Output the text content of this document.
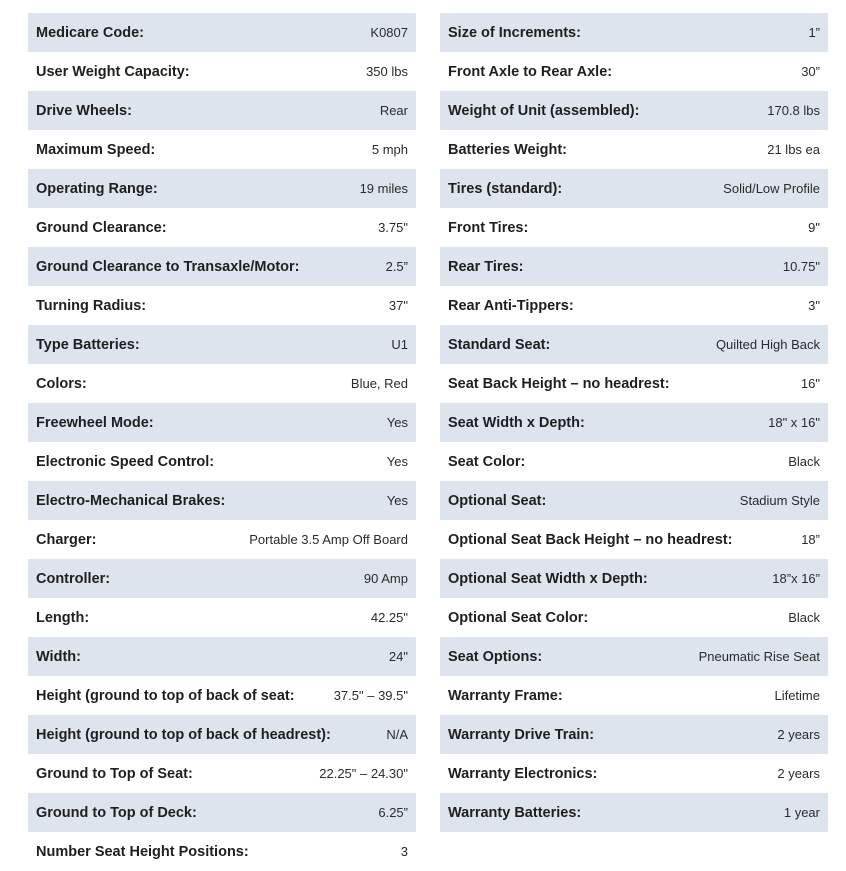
Medicare Code:	K0807
User Weight Capacity:	350 lbs
Drive Wheels:	Rear
Maximum Speed:	5 mph
Operating Range:	19 miles
Ground Clearance:	3.75"
Ground Clearance to Transaxle/Motor:	2.5”
Turning Radius:	37"
Type Batteries:	U1
Colors:	Blue, Red
Freewheel Mode:	Yes
Electronic Speed Control:	Yes
Electro-Mechanical Brakes:	Yes
Charger:	Portable 3.5 Amp Off Board
Controller:	90 Amp
Length:	42.25"
Width:	24"
Height (ground to top of back of seat:	37.5" – 39.5"
Height (ground to top of back of headrest):	N/A
Ground to Top of Seat:	22.25" – 24.30"
Ground to Top of Deck:	6.25”
Number Seat Height Positions:	3
Size of Increments:	1”
Front Axle to Rear Axle:	30”
Weight of Unit (assembled):	170.8 lbs
Batteries Weight:	21 lbs ea
Tires (standard):	Solid/Low Profile
Front Tires:	9"
Rear Tires:	10.75"
Rear Anti-Tippers:	3"
Standard Seat:	Quilted High Back
Seat Back Height – no headrest:	16"
Seat Width x Depth:	18" x 16"
Seat Color:	Black
Optional Seat:	Stadium Style
Optional Seat Back Height – no headrest:	18”
Optional Seat Width x Depth:	18”x 16”
Optional Seat Color:	Black
Seat Options:	Pneumatic Rise Seat
Warranty Frame:	Lifetime
Warranty Drive Train:	2 years
Warranty Electronics:	2 years
Warranty Batteries:	1 year
